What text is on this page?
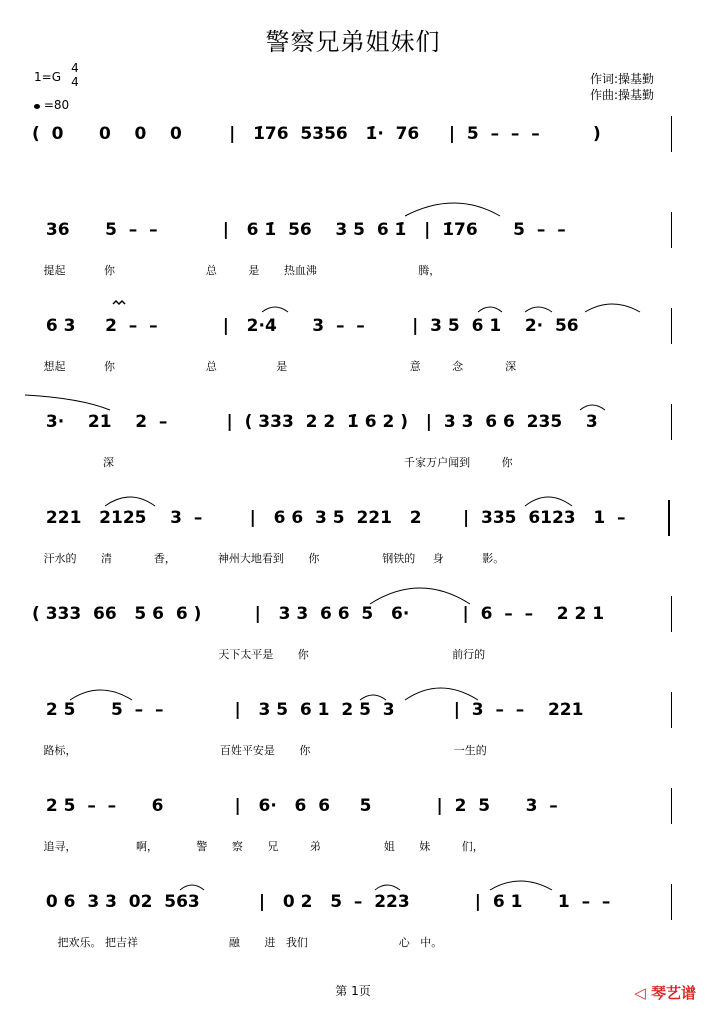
警察兄弟姐妹们
1=G
4
4
=80
作词:操基勤
作曲:操基勤
(  0      0    0    0        |   1̇76  5356   1̇·  76     |  5  –  –  –         )
36      5  –  –           |   6 1̇  56    3 5  6 1̇   |  1̇76      5  –  –
提起           你                          总         是       热血沸                             腾，
6 3     2  –  –           |   2·4      3  –  –        |  3 5  6 1    2·  56
想起           你                          总                 是                                   意         念            深
3·    21    2  –          |  ( 333  2 2  1̇ 6 2 )   |  3 3  6 6  235    3
深                                                                                   千家万户闻到         你
221   2125    3  –        |   6 6  3 5  221   2       |  335  6123   1  –
汗水的       清            香，            神州大地看到       你                  钢铁的     身           影。
( 333  66   5 6  6 )         |   3 3  6 6  5   6·         |  6  –  –    2 2 1
天下太平是       你                                         前行的
2 5      5  –  –            |   3 5  6 1  2 5  3          |  3  –  –    221
路标，                                         百姓平安是       你                                         一生的
2 5  –  –      6            |   6·   6  6     5           |  2  5      3  –
追寻，                 啊，           警       察       兄         弟                  姐       妹         们，
0 6  3 3  02  563          |   0 2   5  –  223           |  6 1      1  –  –
把欢乐。 把吉祥                          融       进   我们                          心   中。
第 1页	◁ 琴艺谱
